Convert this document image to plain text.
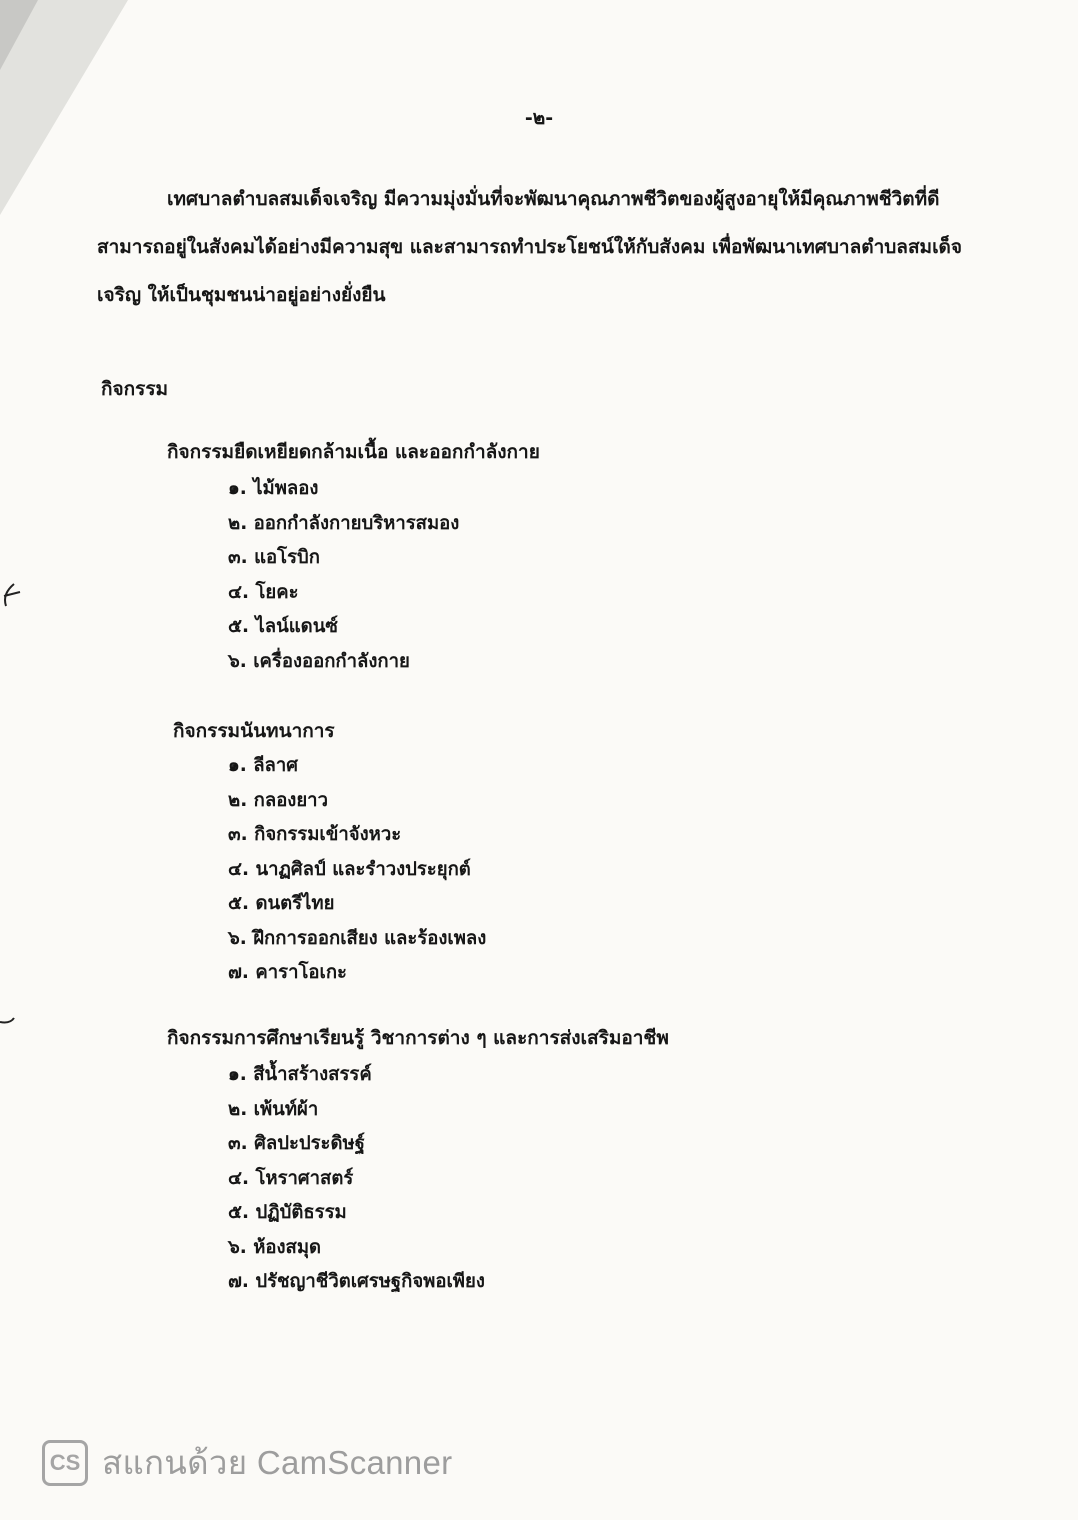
-๒-
เทศบาลตำบลสมเด็จเจริญ มีความมุ่งมั่นที่จะพัฒนาคุณภาพชีวิตของผู้สูงอายุให้มีคุณภาพชีวิตที่ดี
สามารถอยู่ในสังคมได้อย่างมีความสุข และสามารถทำประโยชน์ให้กับสังคม เพื่อพัฒนาเทศบาลตำบลสมเด็จ
เจริญ ให้เป็นชุมชนน่าอยู่อย่างยั่งยืน
กิจกรรม
กิจกรรมยืดเหยียดกล้ามเนื้อ และออกกำลังกาย
๑. ไม้พลอง
๒. ออกกำลังกายบริหารสมอง
๓. แอโรบิก
๔. โยคะ
๕. ไลน์แดนซ์
๖. เครื่องออกกำลังกาย
กิจกรรมนันทนาการ
๑. ลีลาศ
๒. กลองยาว
๓. กิจกรรมเข้าจังหวะ
๔. นาฏศิลป์ และรำวงประยุกต์
๕. ดนตรีไทย
๖. ฝึกการออกเสียง และร้องเพลง
๗. คาราโอเกะ
กิจกรรมการศึกษาเรียนรู้ วิชาการต่าง ๆ และการส่งเสริมอาชีพ
๑. สีน้ำสร้างสรรค์
๒. เพ้นท์ผ้า
๓. ศิลปะประดิษฐ์
๔. โหราศาสตร์
๕. ปฏิบัติธรรม
๖. ห้องสมุด
๗. ปรัชญาชีวิตเศรษฐกิจพอเพียง
CS สแกนด้วย CamScanner
